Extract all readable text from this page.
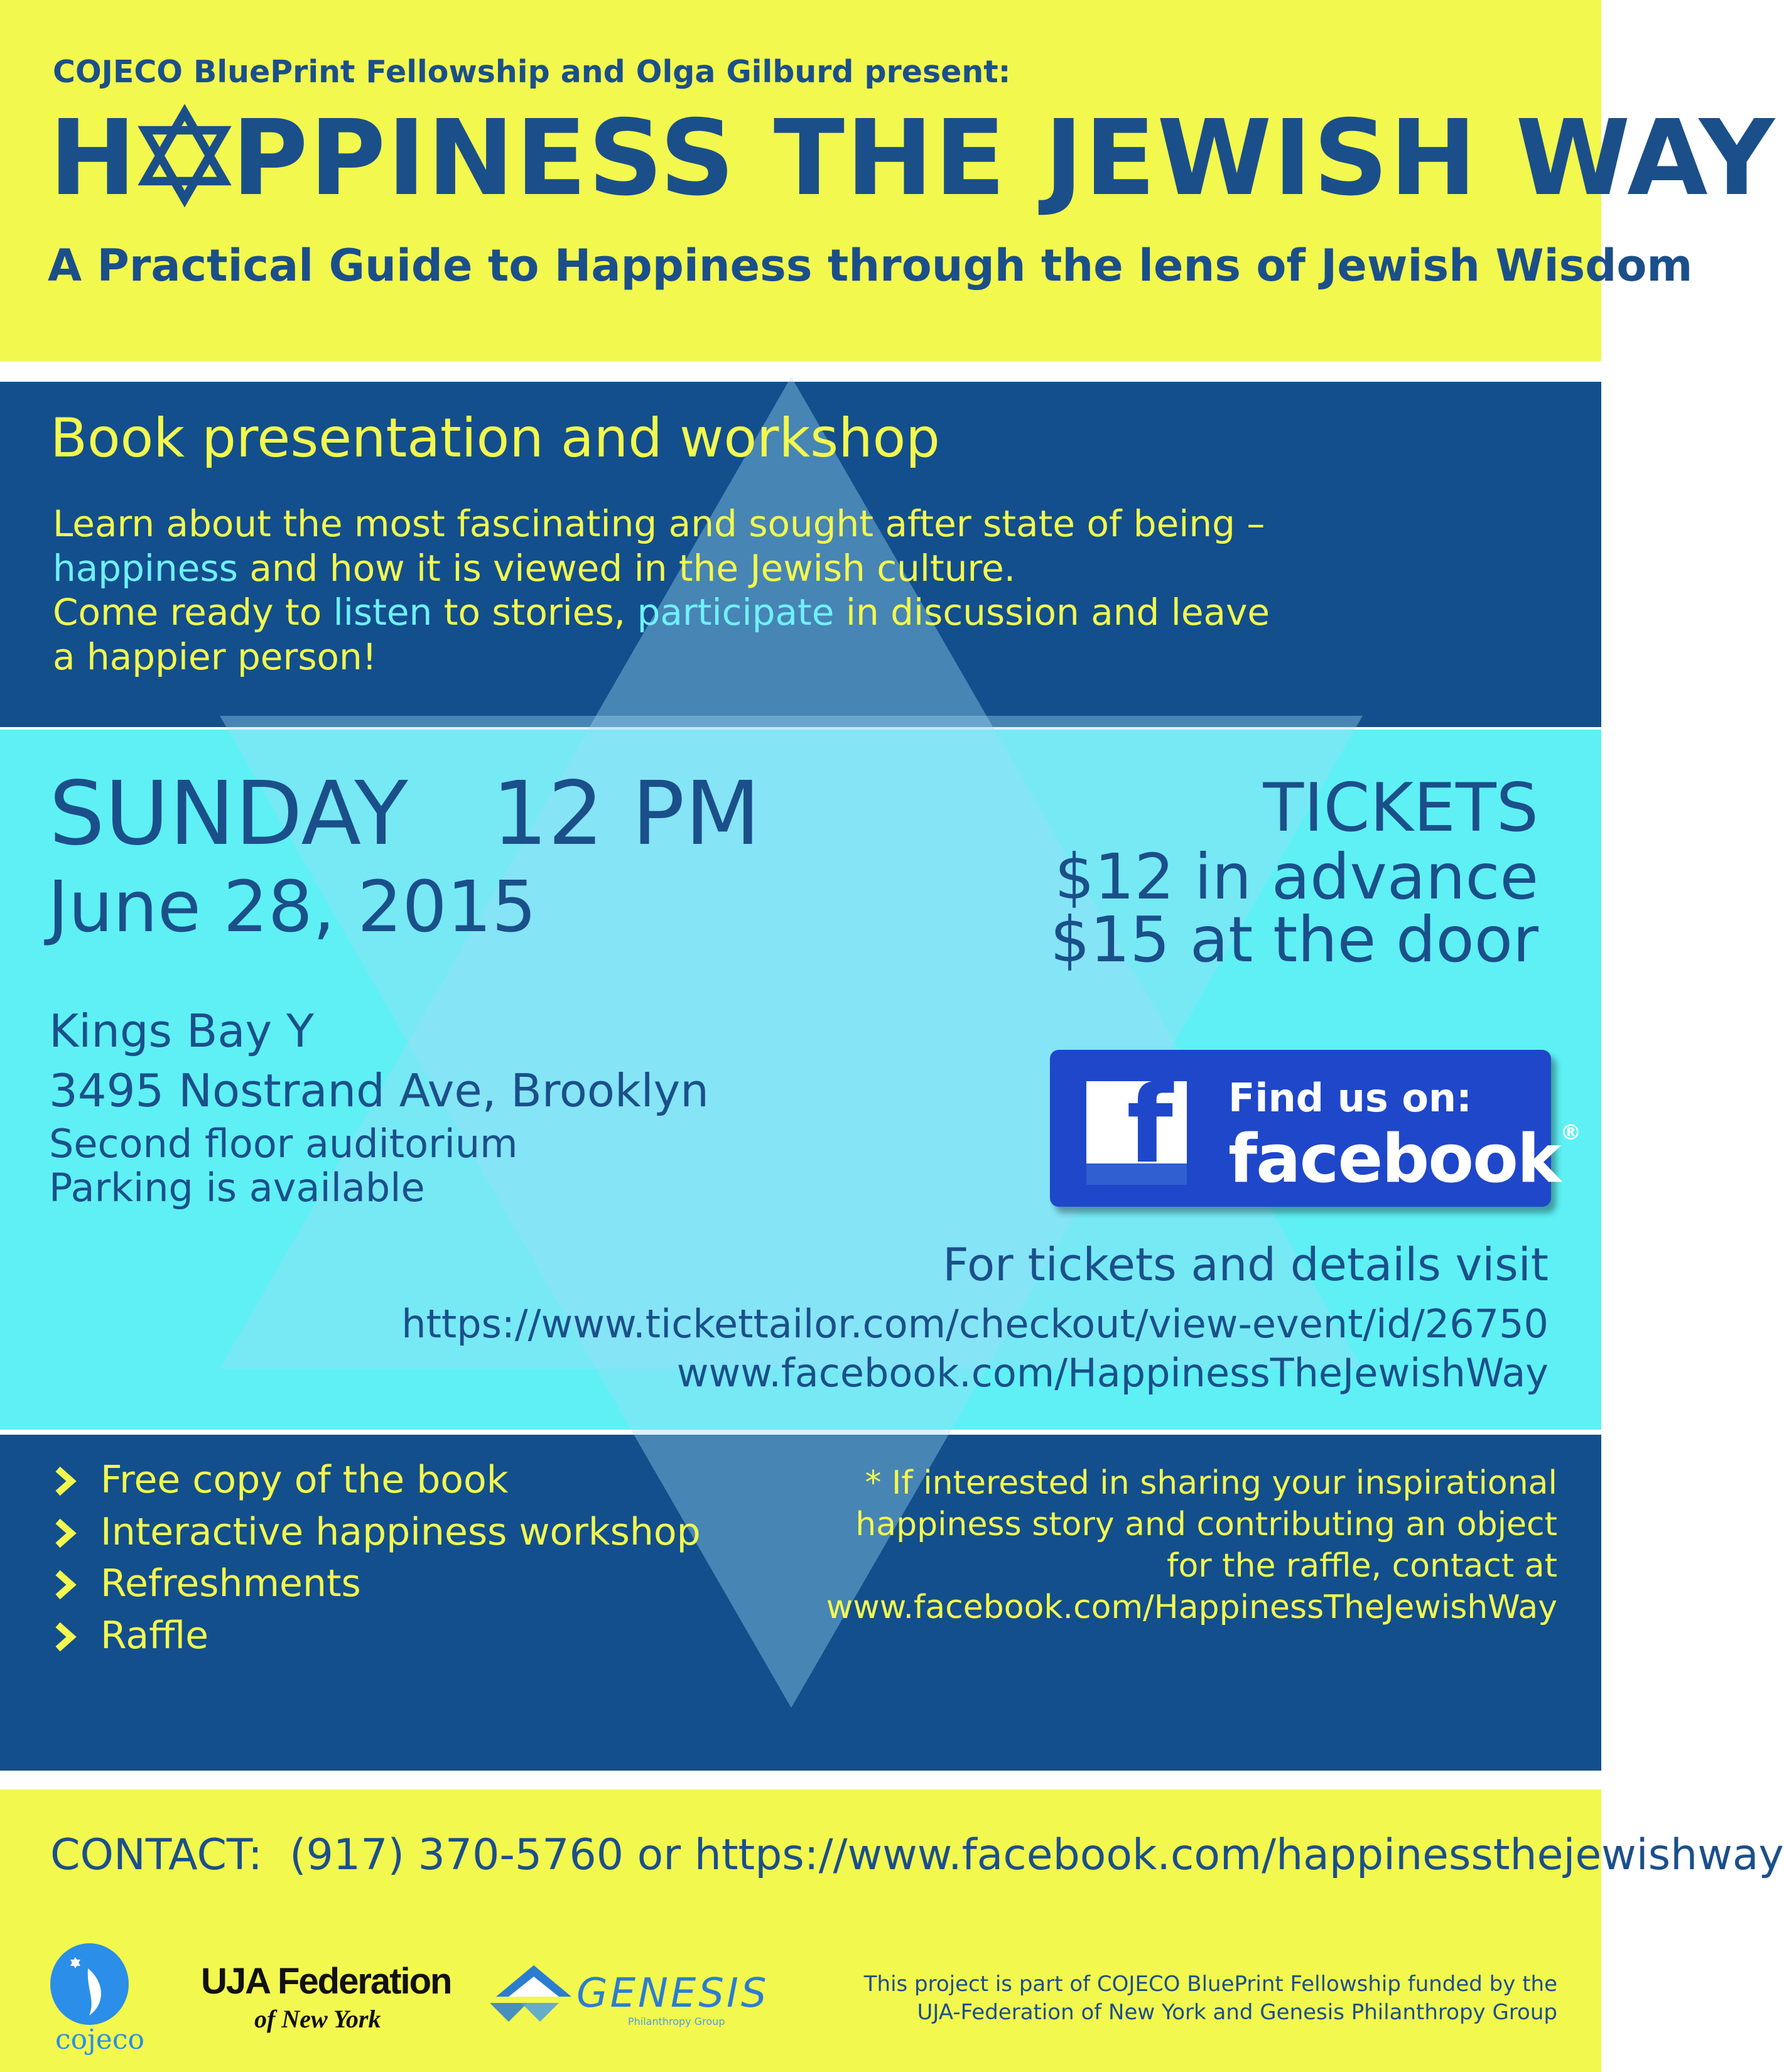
COJECO BluePrint Fellowship and Olga Gilburd present:

H PPINESS THE JEWISH WAY

A Practical Guide to Happiness through the lens of Jewish Wisdom

Book presentation and workshop

Learn about the most fascinating and sought after state of being –

happiness and how it is viewed in the Jewish culture.

Come ready to listen to stories, participate in discussion and leave

a happier person!

SUNDAY   12 PM

June 28, 2015

Kings Bay Y

3495 Nostrand Ave, Brooklyn

Second floor auditorium

Parking is available

TICKETS

$12 in advance

$15 at the door

f Find us on:
facebook®

For tickets and details visit

https://www.tickettailor.com/checkout/view-event/id/26750

www.facebook.com/HappinessTheJewishWay

Free copy of the book

Interactive happiness workshop

Refreshments

Raffle

* If interested in sharing your inspirational

happiness story and contributing an object

for the raffle, contact at

www.facebook.com/HappinessTheJewishWay

CONTACT:  (917) 370-5760 or https://www.facebook.com/happinessthejewishway

cojeco
UJA Federation
of New York
GENESIS
Philanthropy Group

This project is part of COJECO BluePrint Fellowship funded by the

UJA-Federation of New York and Genesis Philanthropy Group
